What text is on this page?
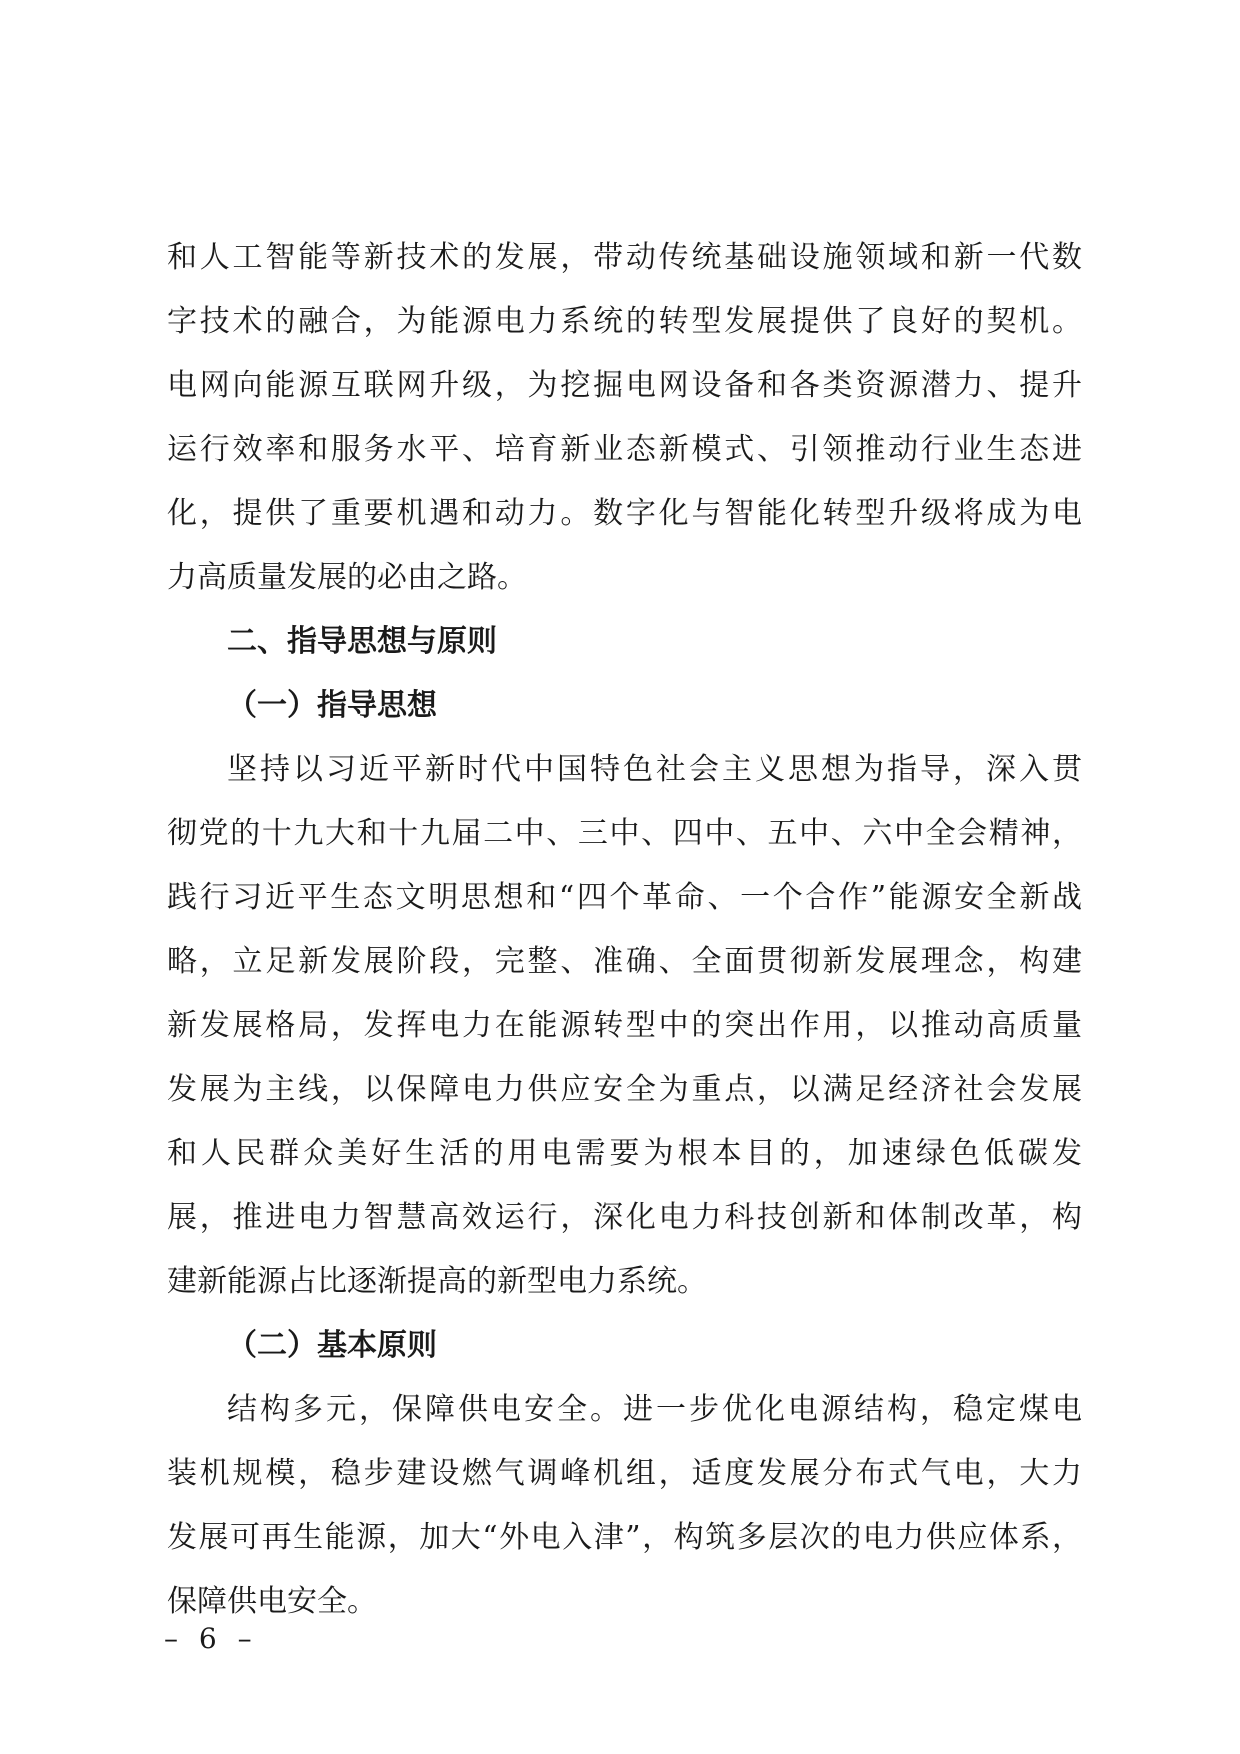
和人工智能等新技术的发展，带动传统基础设施领域和新一代数
字技术的融合，为能源电力系统的转型发展提供了良好的契机。
电网向能源互联网升级，为挖掘电网设备和各类资源潜力、提升
运行效率和服务水平、培育新业态新模式、引领推动行业生态进
化，提供了重要机遇和动力。数字化与智能化转型升级将成为电
力高质量发展的必由之路。
二、指导思想与原则
（一）指导思想
坚持以习近平新时代中国特色社会主义思想为指导，深入贯
彻党的十九大和十九届二中、三中、四中、五中、六中全会精神，
践行习近平生态文明思想和“四个革命、一个合作”能源安全新战
略，立足新发展阶段，完整、准确、全面贯彻新发展理念，构建
新发展格局，发挥电力在能源转型中的突出作用，以推动高质量
发展为主线，以保障电力供应安全为重点，以满足经济社会发展
和人民群众美好生活的用电需要为根本目的，加速绿色低碳发
展，推进电力智慧高效运行，深化电力科技创新和体制改革，构
建新能源占比逐渐提高的新型电力系统。
（二）基本原则
结构多元，保障供电安全。进一步优化电源结构，稳定煤电
装机规模，稳步建设燃气调峰机组，适度发展分布式气电，大力
发展可再生能源，加大“外电入津”，构筑多层次的电力供应体系，
保障供电安全。
– 6 –
